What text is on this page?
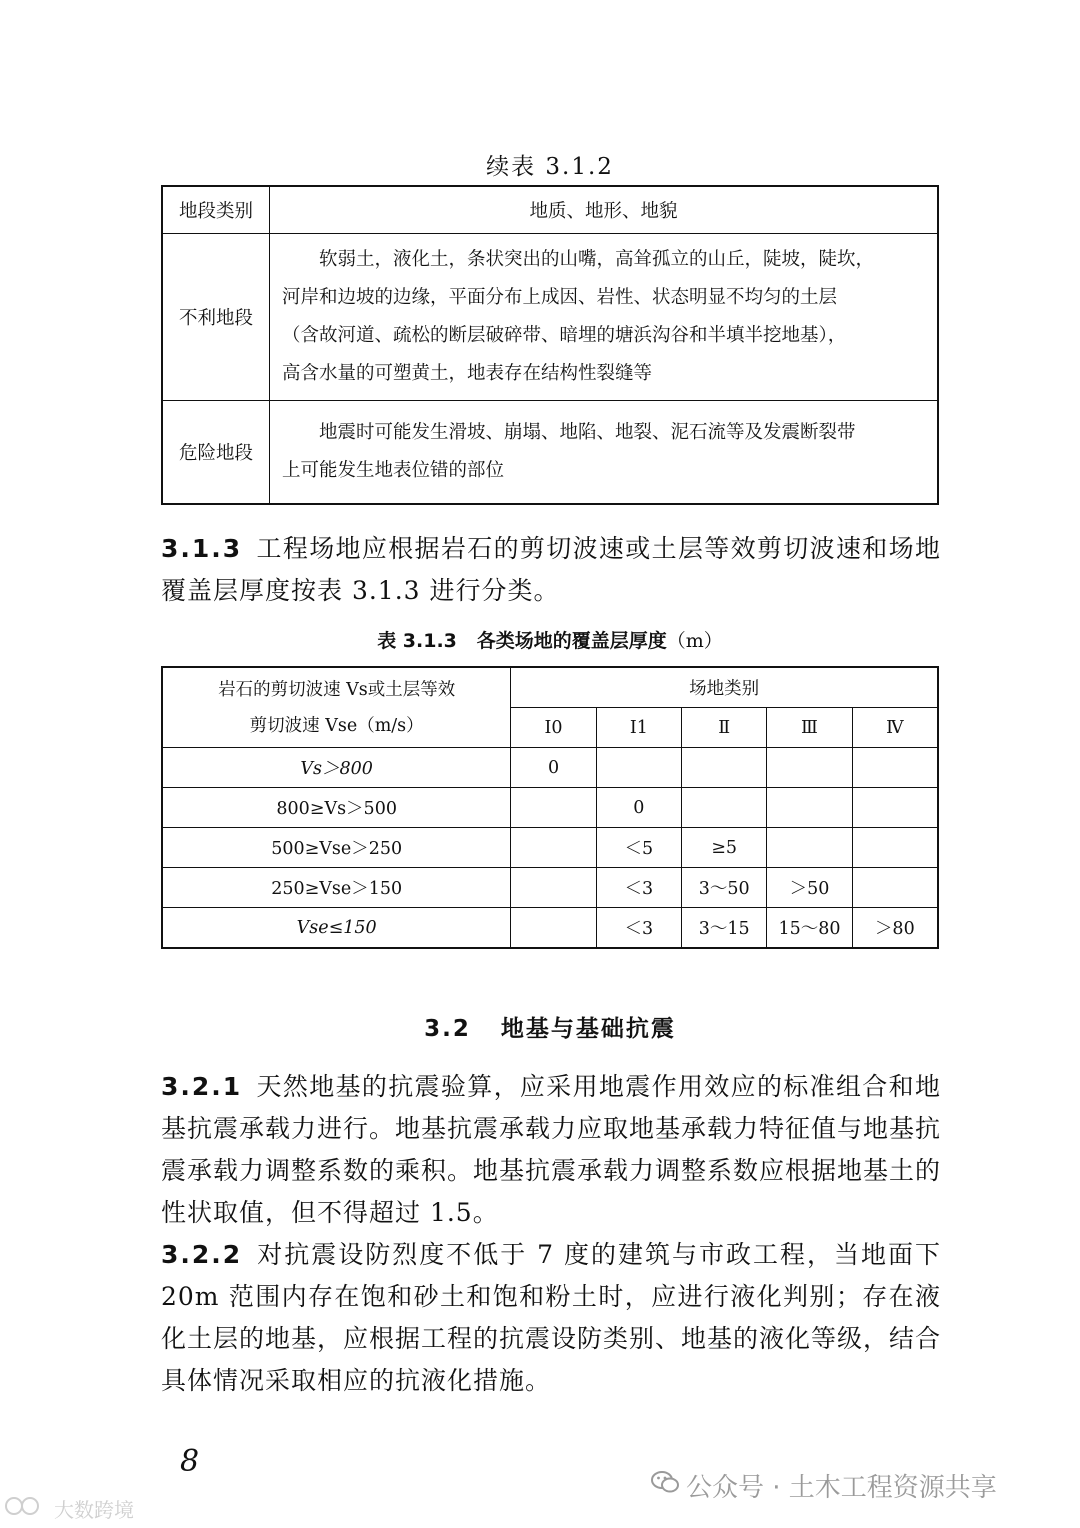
续表 3.1.2
地段类别	地质、地形、地貌
不利地段	　　软弱土，液化土，条状突出的山嘴，高耸孤立的山丘，陡坡，陡坎，
河岸和边坡的边缘，平面分布上成因、岩性、状态明显不均匀的土层
（含故河道、疏松的断层破碎带、暗埋的塘浜沟谷和半填半挖地基），
高含水量的可塑黄土，地表存在结构性裂缝等

危险地段	　　地震时可能发生滑坡、崩塌、地陷、地裂、泥石流等及发震断裂带
上可能发生地表位错的部位
3.1.3 工程场地应根据岩石的剪切波速或土层等效剪切波速和场地覆盖层厚度按表 3.1.3 进行分类。
表 3.1.3 各类场地的覆盖层厚度（m）
岩石的剪切波速 Vs或土层等效
剪切波速 Vse（m/s）	场地类别				
	Ⅰ0	Ⅰ1	Ⅱ	Ⅲ	Ⅳ
Vs＞800	0				
800≥Vs＞500		0			
500≥Vse＞250		＜5	≥5		
250≥Vse＞150		＜3	3～50	＞50	
Vse≤150		＜3	3～15	15～80	＞80
3.2 地基与基础抗震
3.2.1 天然地基的抗震验算，应采用地震作用效应的标准组合和地基抗震承载力进行。地基抗震承载力应取地基承载力特征值与地基抗震承载力调整系数的乘积。地基抗震承载力调整系数应根据地基土的性状取值，但不得超过 1.5。
3.2.2 对抗震设防烈度不低于 7 度的建筑与市政工程，当地面下 20m 范围内存在饱和砂土和饱和粉土时，应进行液化判别；存在液化土层的地基，应根据工程的抗震设防类别、地基的液化等级，结合具体情况采取相应的抗液化措施。
8
公众号 · 土木工程资源共享
大数跨境
